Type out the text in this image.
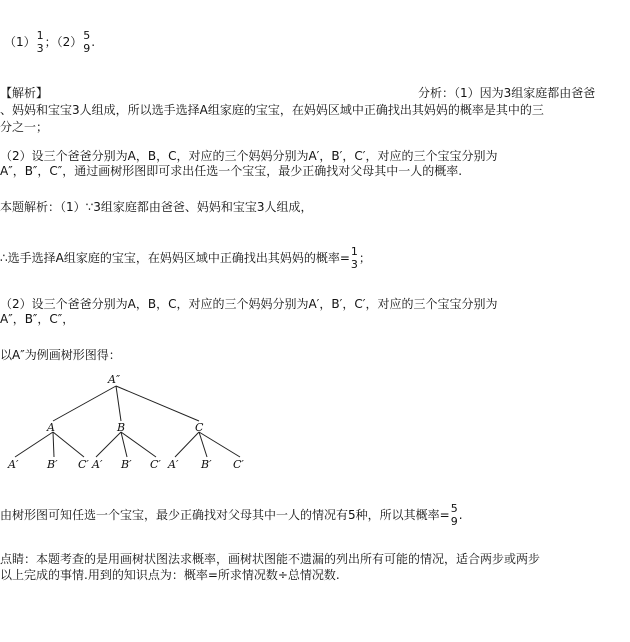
（1） 1
3 ；（2） 5
9 .
【解析】	分析：（1）因为3组家庭都由爸爸
、妈妈和宝宝3人组成，所以选手选择A组家庭的宝宝，在妈妈区域中正确找出其妈妈的概率是其中的三
分之一；
（2）设三个爸爸分别为A，B，C，对应的三个妈妈分别为A′，B′，C′，对应的三个宝宝分别为
A″，B″，C″，通过画树形图即可求出任选一个宝宝，最少正确找对父母其中一人的概率.
本题解析：（1）∵3组家庭都由爸爸、妈妈和宝宝3人组成，
∴选手选择A组家庭的宝宝，在妈妈区域中正确找出其妈妈的概率= 1
3 ；
（2）设三个爸爸分别为A，B，C，对应的三个妈妈分别为A′，B′，C′，对应的三个宝宝分别为
A″，B″，C″，
以A″为例画树形图得：
A″
A	B	C
A′	B′ C′ A′ B′ C′ A′ B′ C′
由树形图可知任选一个宝宝，最少正确找对父母其中一人的情况有5种，所以其概率= 5
9 .
点睛：本题考查的是用画树状图法求概率，画树状图能不遗漏的列出所有可能的情况，适合两步或两步
以上完成的事情.用到的知识点为：概率=所求情况数÷总情况数.
